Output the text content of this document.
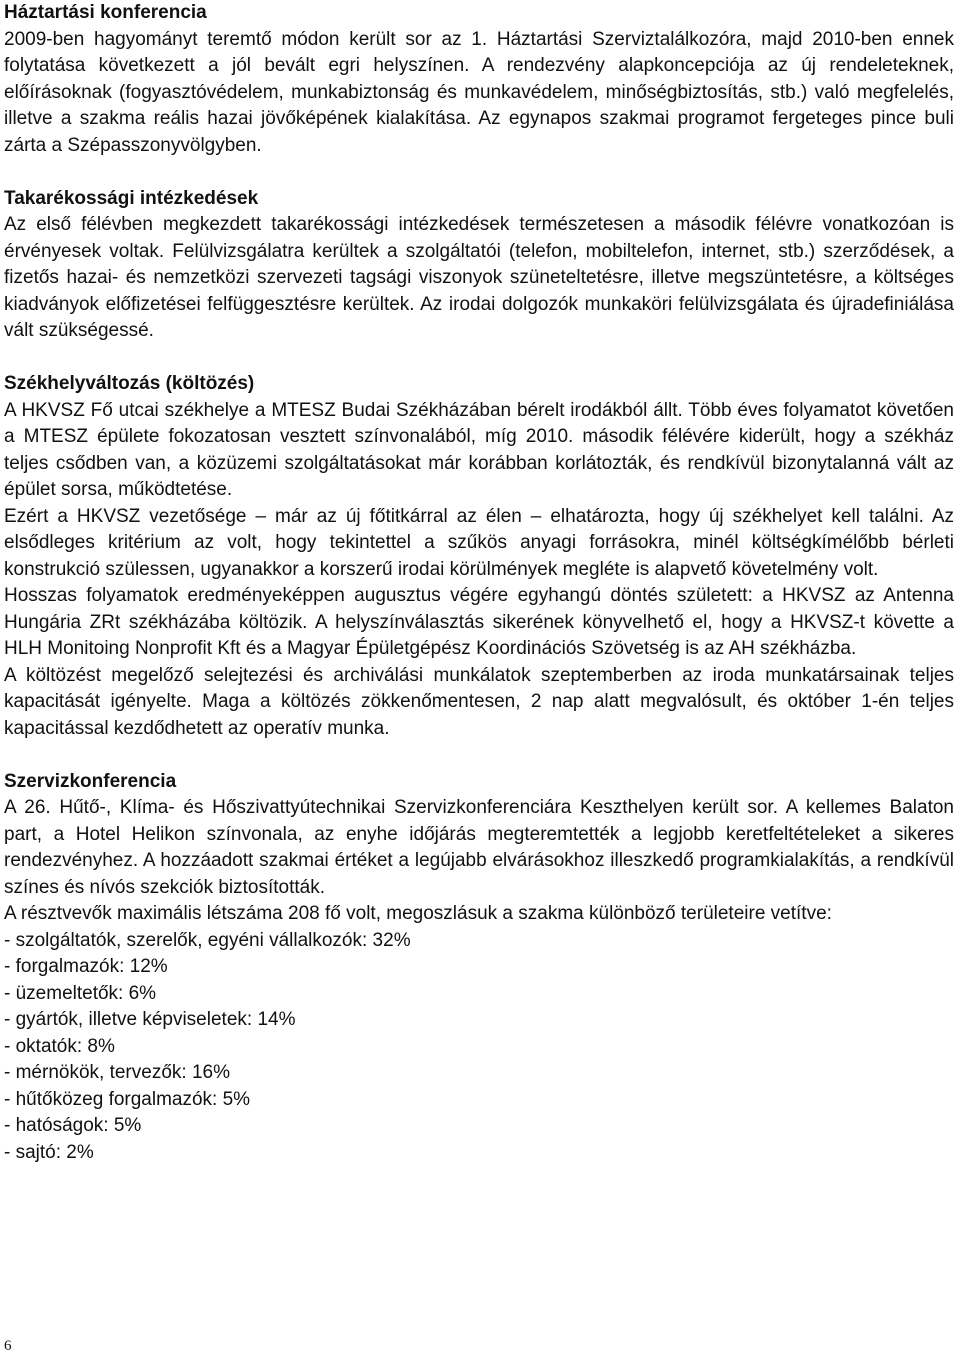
Háztartási konferencia

2009-ben hagyományt teremtő módon került sor az 1. Háztartási Szerviztalálkozóra, majd 2010-ben ennek folytatása következett a jól bevált egri helyszínen. A rendezvény alapkoncepciója az új rendeleteknek, előírásoknak (fogyasztóvédelem, munkabiztonság és munkavédelem, minőségbiztosítás, stb.) való megfelelés, illetve a szakma reális hazai jövőképének kialakítása. Az egynapos szakmai programot fergeteges pince buli zárta a Szépasszonyvölgyben.

Takarékossági intézkedések

Az első félévben megkezdett takarékossági intézkedések természetesen a második félévre vonatkozóan is érvényesek voltak. Felülvizsgálatra kerültek a szolgáltatói (telefon, mobiltelefon, internet, stb.) szerződések, a fizetős hazai- és nemzetközi szervezeti tagsági viszonyok szüneteltetésre, illetve megszüntetésre, a költséges kiadványok előfizetései felfüggesztésre kerültek. Az irodai dolgozók munkaköri felülvizsgálata és újradefiniálása vált szükségessé.

Székhelyváltozás (költözés)

A HKVSZ Fő utcai székhelye a MTESZ Budai Székházában bérelt irodákból állt. Több éves folyamatot követően a MTESZ épülete fokozatosan vesztett színvonalából, míg 2010. második félévére kiderült, hogy a székház teljes csődben van, a közüzemi szolgáltatásokat már korábban korlátozták, és rendkívül bizonytalanná vált az épület sorsa, működtetése.

Ezért a HKVSZ vezetősége – már az új főtitkárral az élen – elhatározta, hogy új székhelyet kell találni. Az elsődleges kritérium az volt, hogy tekintettel a szűkös anyagi forrásokra, minél költségkímélőbb bérleti konstrukció szülessen, ugyanakkor a korszerű irodai körülmények megléte is alapvető követelmény volt.

Hosszas folyamatok eredményeképpen augusztus végére egyhangú döntés született: a HKVSZ az Antenna Hungária ZRt székházába költözik. A helyszínválasztás sikerének könyvelhető el, hogy a HKVSZ-t követte a HLH Monitoing Nonprofit Kft és a Magyar Épületgépész Koordinációs Szövetség is az AH székházba.

A költözést megelőző selejtezési és archiválási munkálatok szeptemberben az iroda munkatársainak teljes kapacitását igényelte. Maga a költözés zökkenőmentesen, 2 nap alatt megvalósult, és október 1-én teljes kapacitással kezdődhetett az operatív munka.

Szervizkonferencia

A 26. Hűtő-, Klíma- és Hőszivattyútechnikai Szervizkonferenciára Keszthelyen került sor. A kellemes Balaton part, a Hotel Helikon színvonala, az enyhe időjárás megteremtették a legjobb keretfeltételeket a sikeres rendezvényhez. A hozzáadott szakmai értéket a legújabb elvárásokhoz illeszkedő programkialakítás, a rendkívül színes és nívós szekciók biztosították.

A résztvevők maximális létszáma 208 fő volt, megoszlásuk a szakma különböző területeire vetítve:

- szolgáltatók, szerelők, egyéni vállalkozók: 32%
- forgalmazók: 12%
- üzemeltetők: 6%
- gyártók, illetve képviseletek: 14%
- oktatók: 8%
- mérnökök, tervezők: 16%
- hűtőközeg forgalmazók: 5%
- hatóságok: 5%
- sajtó: 2%
6
